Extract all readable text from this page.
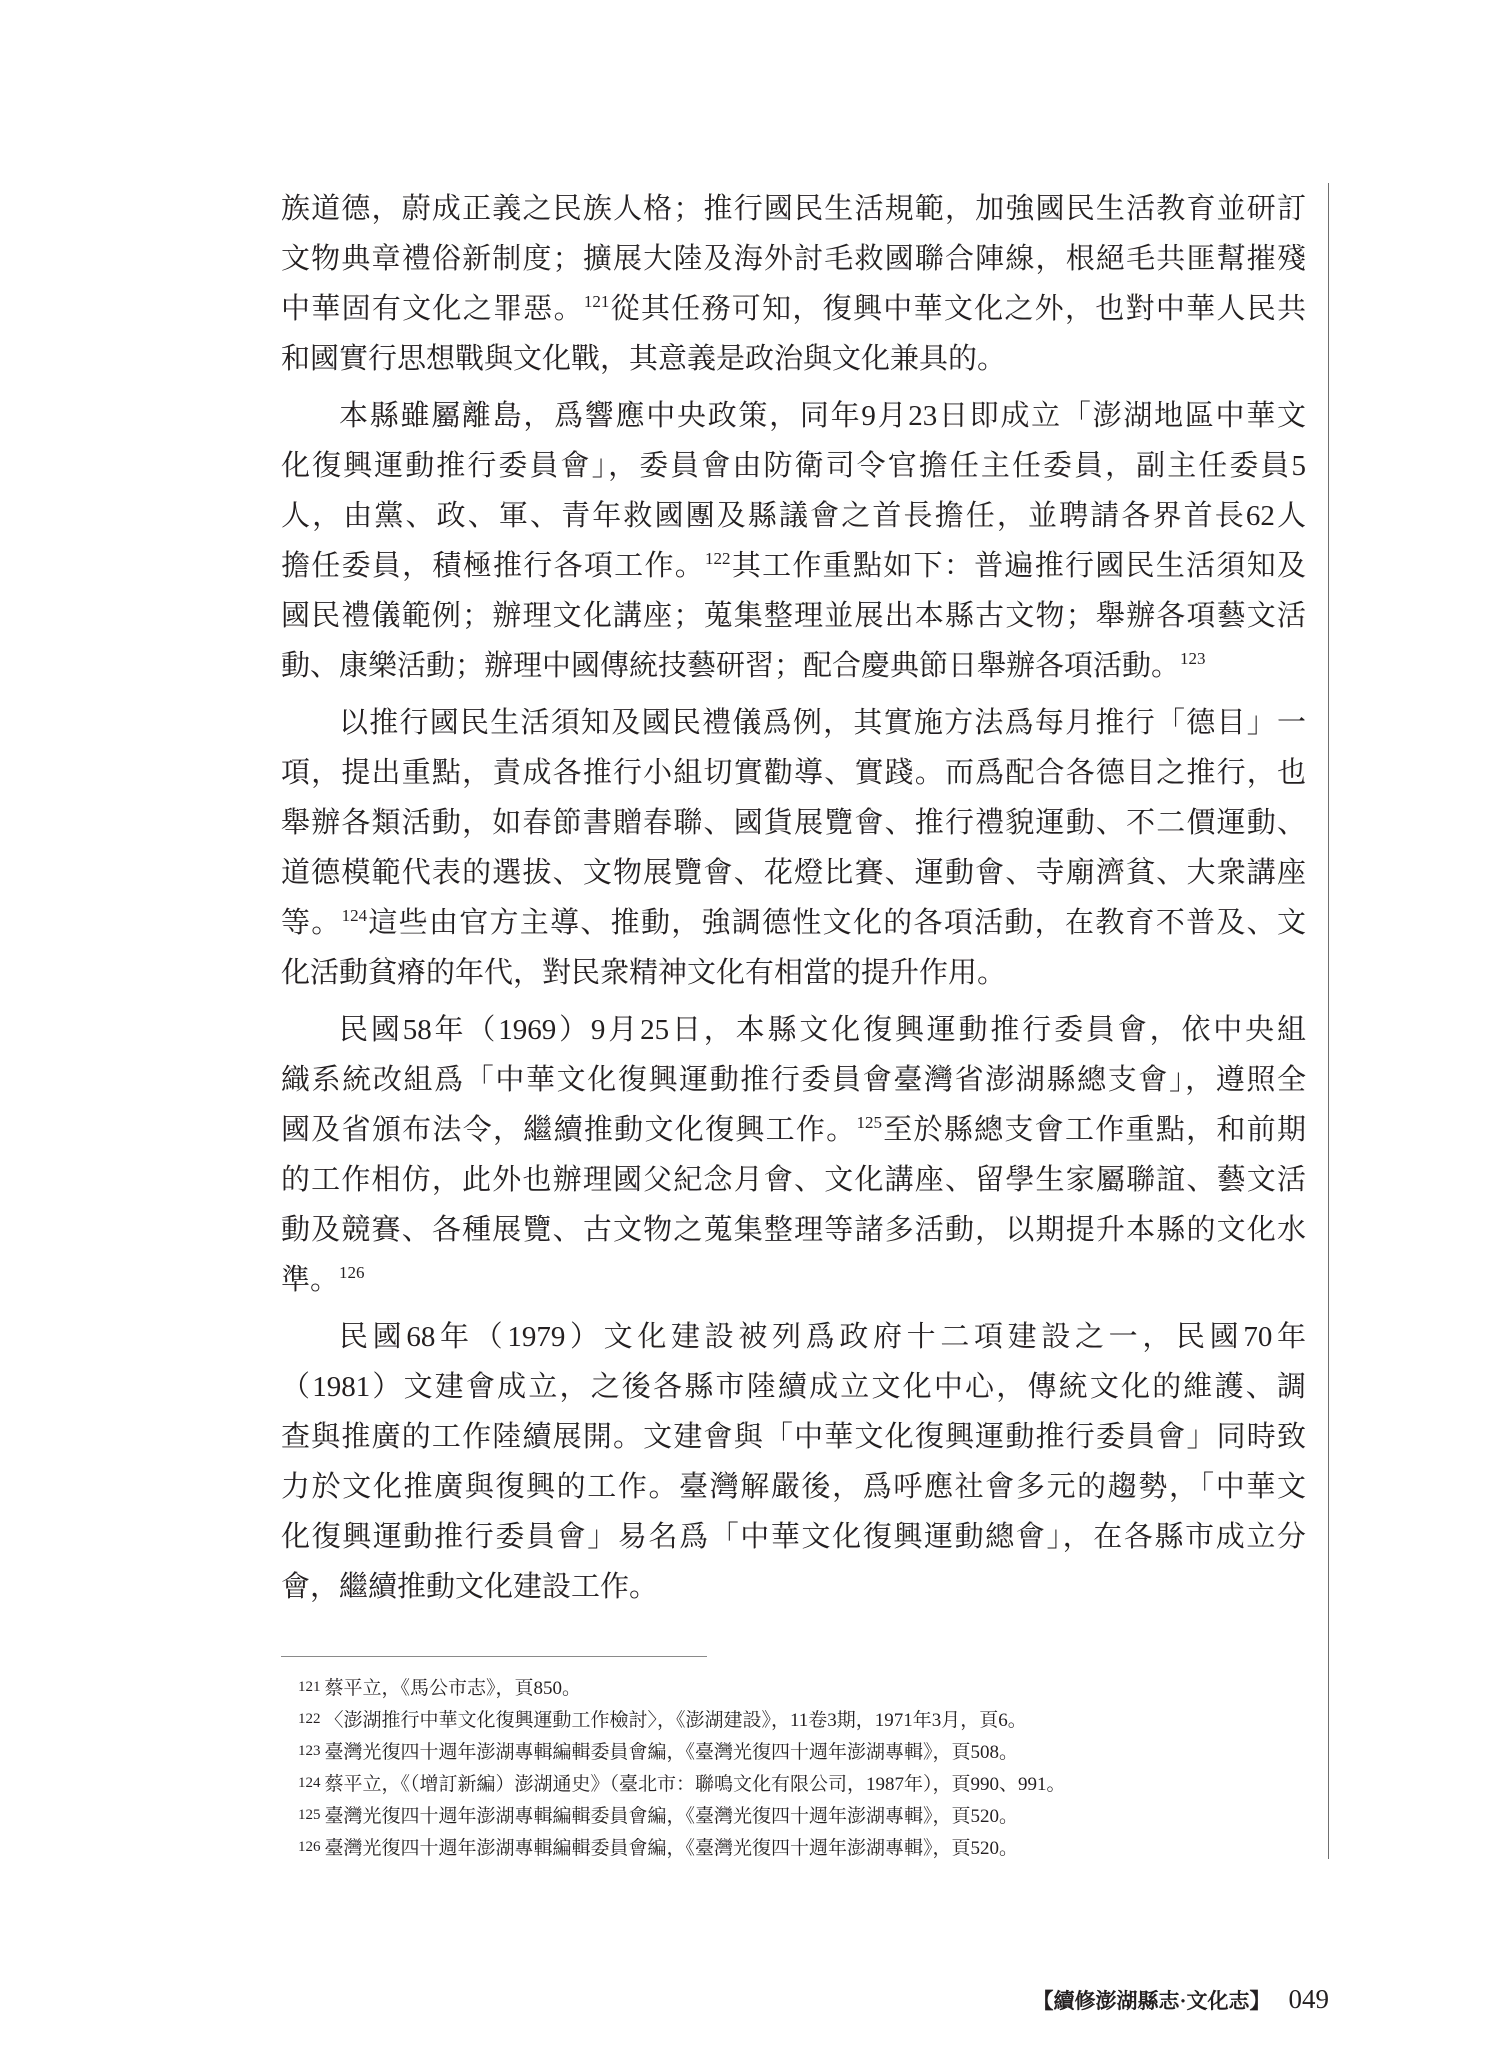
族道德，蔚成正義之民族人格；推行國民生活規範，加強國民生活教育並研訂
文物典章禮俗新制度；擴展大陸及海外討毛救國聯合陣線，根絕毛共匪幫摧殘
中華固有文化之罪惡。$^{121}$從其任務可知，復興中華文化之外，也對中華人民共
和國實行思想戰與文化戰，其意義是政治與文化兼具的。
本縣雖屬離島，爲響應中央政策，同年9月23日即成立「澎湖地區中華文
化復興運動推行委員會」，委員會由防衛司令官擔任主任委員，副主任委員5
人，由黨、政、軍、青年救國團及縣議會之首長擔任，並聘請各界首長62人
擔任委員，積極推行各項工作。$^{122}$其工作重點如下：普遍推行國民生活須知及
國民禮儀範例；辦理文化講座；蒐集整理並展出本縣古文物；舉辦各項藝文活
動、康樂活動；辦理中國傳統技藝研習；配合慶典節日舉辦各項活動。$^{123}$
以推行國民生活須知及國民禮儀爲例，其實施方法爲每月推行「德目」一
項，提出重點，責成各推行小組切實勸導、實踐。而爲配合各德目之推行，也
舉辦各類活動，如春節書贈春聯、國貨展覽會、推行禮貌運動、不二價運動、
道德模範代表的選拔、文物展覽會、花燈比賽、運動會、寺廟濟貧、大衆講座
等。$^{124}$這些由官方主導、推動，強調德性文化的各項活動，在教育不普及、文
化活動貧瘠的年代，對民衆精神文化有相當的提升作用。
民國58年（1969）9月25日，本縣文化復興運動推行委員會，依中央組
織系統改組爲「中華文化復興運動推行委員會臺灣省澎湖縣總支會」，遵照全
國及省頒布法令，繼續推動文化復興工作。$^{125}$至於縣總支會工作重點，和前期
的工作相仿，此外也辦理國父紀念月會、文化講座、留學生家屬聯誼、藝文活
動及競賽、各種展覽、古文物之蒐集整理等諸多活動，以期提升本縣的文化水
準。$^{126}$
民國68年（1979）文化建設被列爲政府十二項建設之一，民國70年
（1981）文建會成立，之後各縣市陸續成立文化中心，傳統文化的維護、調
查與推廣的工作陸續展開。文建會與「中華文化復興運動推行委員會」同時致
力於文化推廣與復興的工作。臺灣解嚴後，爲呼應社會多元的趨勢，「中華文
化復興運動推行委員會」易名爲「中華文化復興運動總會」，在各縣市成立分
會，繼續推動文化建設工作。
121 蔡平立，《馬公市志》，頁850。
122 〈澎湖推行中華文化復興運動工作檢討〉，《澎湖建設》，11卷3期，1971年3月，頁6。
123 臺灣光復四十週年澎湖專輯編輯委員會編，《臺灣光復四十週年澎湖專輯》，頁508。
124 蔡平立，《（增訂新編）澎湖通史》（臺北市：聯鳴文化有限公司，1987年），頁990、991。
125 臺灣光復四十週年澎湖專輯編輯委員會編，《臺灣光復四十週年澎湖專輯》，頁520。
126 臺灣光復四十週年澎湖專輯編輯委員會編，《臺灣光復四十週年澎湖專輯》，頁520。
【續修澎湖縣志·文化志】 049
